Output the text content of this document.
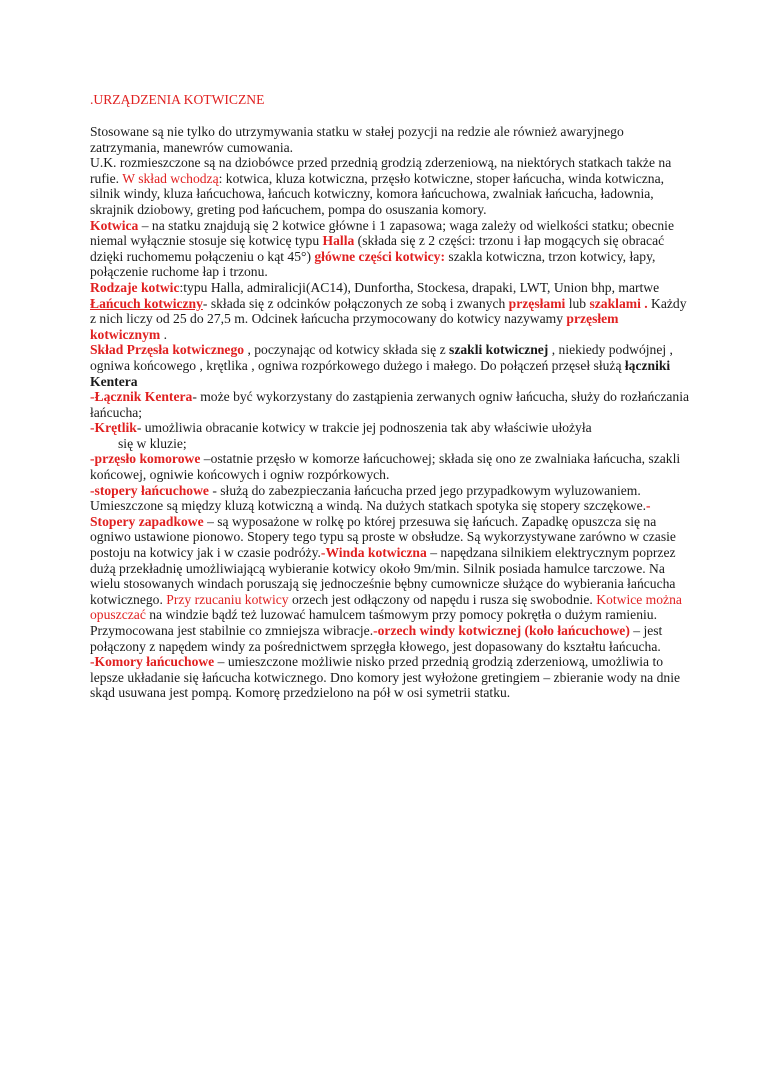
.URZĄDZENIA KOTWICZNE

Stosowane są nie tylko do utrzymywania statku w stałej pozycji na redzie ale również awaryjnego zatrzymania, manewrów cumowania.

U.K. rozmieszczone są na dziobówce przed przednią grodzią zderzeniową, na niektórych statkach także na rufie. W skład wchodzą: kotwica, kluza kotwiczna, przęsło kotwiczne, stoper łańcucha, winda kotwiczna, silnik windy, kluza łańcuchowa, łańcuch kotwiczny, komora łańcuchowa, zwalniak łańcucha, ładownia, skrajnik dziobowy, greting pod łańcuchem, pompa do osuszania komory.

Kotwica – na statku znajdują się 2 kotwice główne i 1 zapasowa; waga zależy od wielkości statku; obecnie niemal wyłącznie stosuje się kotwicę typu Halla (składa się z 2 części: trzonu i łap mogących się obracać dzięki ruchomemu połączeniu o kąt 45°) główne części kotwicy: szakla kotwiczna, trzon kotwicy, łapy, połączenie ruchome łap i trzonu.

Rodzaje kotwic:typu Halla, admiralicji(AC14), Dunfortha, Stockesa, drapaki, LWT, Union bhp, martwe

Łańcuch kotwiczny- składa się z odcinków połączonych ze sobą i zwanych przęsłami lub szaklami . Każdy z nich liczy od 25 do 27,5 m. Odcinek łańcucha przymocowany do kotwicy nazywamy przęsłem kotwicznym .

Skład Przęsła kotwicznego , poczynając od kotwicy składa się z szakli kotwicznej , niekiedy podwójnej , ogniwa końcowego , krętlika , ogniwa rozpórkowego dużego i małego. Do połączeń przęseł służą łączniki Kentera

-Łącznik Kentera- może być wykorzystany do zastąpienia zerwanych ogniw łańcucha, służy do rozłańczania łańcucha;

-Krętlik- umożliwia obracanie kotwicy w trakcie jej podnoszenia tak aby właściwie ułożyła
się w kluzie;

-przęsło komorowe –ostatnie przęsło w komorze łańcuchowej; składa się ono ze zwalniaka łańcucha, szakli końcowej, ogniwie końcowych i ogniw rozpórkowych.

-stopery łańcuchowe - służą do zabezpieczania łańcucha przed jego przypadkowym wyluzowaniem. Umieszczone są między kluzą kotwiczną a windą. Na dużych statkach spotyka się stopery szczękowe.-Stopery zapadkowe – są wyposażone w rolkę po której przesuwa się łańcuch. Zapadkę opuszcza się na ogniwo ustawione pionowo. Stopery tego typu są proste w obsłudze. Są wykorzystywane zarówno w czasie postoju na kotwicy jak i w czasie podróży.-Winda kotwiczna – napędzana silnikiem elektrycznym poprzez dużą przekładnię umożliwiającą wybieranie kotwicy około 9m/min. Silnik posiada hamulce tarczowe. Na wielu stosowanych windach poruszają się jednocześnie bębny cumownicze służące do wybierania łańcucha kotwicznego. Przy rzucaniu kotwicy orzech jest odłączony od napędu i rusza się swobodnie. Kotwice można opuszczać na windzie bądź też luzować hamulcem taśmowym przy pomocy pokrętła o dużym ramieniu. Przymocowana jest stabilnie co zmniejsza wibracje.-orzech windy kotwicznej (koło łańcuchowe) – jest połączony z napędem windy za pośrednictwem sprzęgła kłowego, jest dopasowany do kształtu łańcucha.

-Komory łańcuchowe – umieszczone możliwie nisko przed przednią grodzią zderzeniową, umożliwia to lepsze układanie się łańcucha kotwicznego. Dno komory jest wyłożone gretingiem – zbieranie wody na dnie skąd usuwana jest pompą. Komorę przedzielono na pół w osi symetrii statku.
